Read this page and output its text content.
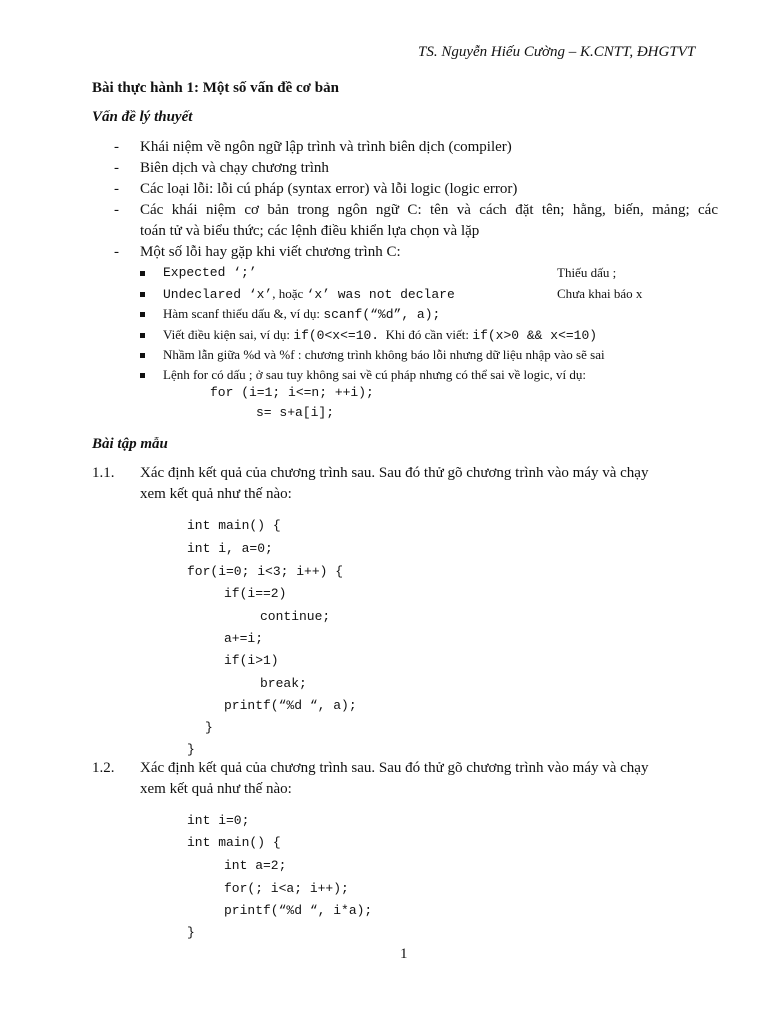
TS. Nguyễn Hiếu Cường – K.CNTT, ĐHGTVT
Bài thực hành 1: Một số vấn đề cơ bản
Vấn đề lý thuyết
- Khái niệm về ngôn ngữ lập trình và trình biên dịch (compiler)
- Biên dịch và chạy chương trình
- Các loại lỗi: lỗi cú pháp (syntax error) và lỗi logic (logic error)
- Các khái niệm cơ bản trong ngôn ngữ C: tên và cách đặt tên; hằng, biến, mảng; các
toán tử và biểu thức; các lệnh điều khiển lựa chọn và lặp
- Một số lỗi hay gặp khi viết chương trình C:
Expected ‘;’	Thiếu dấu ;
Undeclared ‘x’, hoặc ‘x’ was not declare	Chưa khai báo x
Hàm scanf thiếu dấu &, ví dụ: scanf(“%d”, a);
Viết điều kiện sai, ví dụ: if(0<x<=10. Khi đó cần viết: if(x>0 && x<=10)
Nhầm lẫn giữa %d và %f : chương trình không báo lỗi nhưng dữ liệu nhập vào sẽ sai
Lệnh for có dấu ; ở sau tuy không sai về cú pháp nhưng có thể sai về logic, ví dụ:
for (i=1; i<=n; ++i);
s= s+a[i];
Bài tập mẫu
1.1. Xác định kết quả của chương trình sau. Sau đó thử gõ chương trình vào máy và chạy
xem kết quả như thế nào:
int main() {
int i, a=0;
for(i=0; i<3; i++) {
if(i==2)
continue;
a+=i;
if(i>1)
break;
printf(“%d “, a);
}
}
1.2. Xác định kết quả của chương trình sau. Sau đó thử gõ chương trình vào máy và chạy
xem kết quả như thế nào:
int i=0;
int main() {
int a=2;
for(; i<a; i++);
printf(“%d “, i*a);
}
1
